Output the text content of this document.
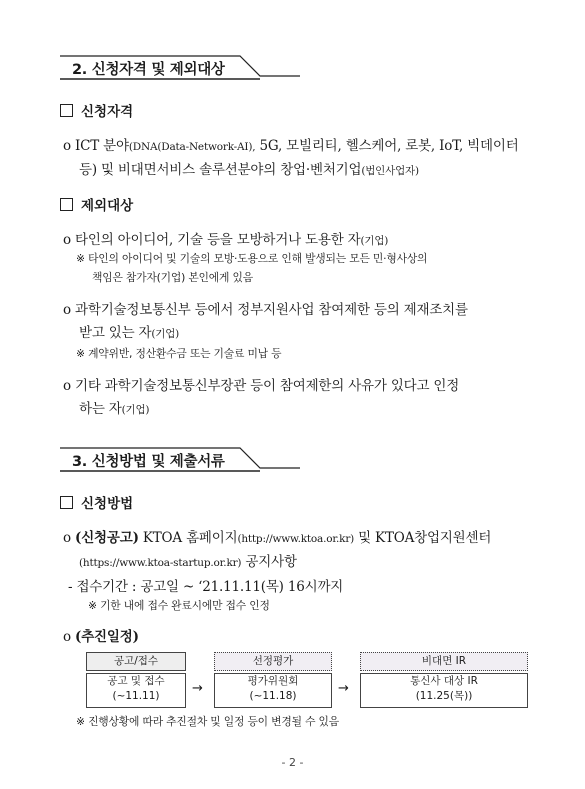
2. 신청자격 및 제외대상
신청자격
o ICT 분야(DNA(Data-Network-AI), 5G, 모빌리티, 헬스케어, 로봇, IoT, 빅데이터
등) 및 비대면서비스 솔루션분야의 창업·벤처기업(법인사업자)
제외대상
o 타인의 아이디어, 기술 등을 모방하거나 도용한 자(기업)
※ 타인의 아이디어 및 기술의 모방·도용으로 인해 발생되는 모든 민·형사상의
책임은 참가자(기업) 본인에게 있음
o 과학기술정보통신부 등에서 정부지원사업 참여제한 등의 제재조치를
받고 있는 자(기업)
※ 계약위반, 정산환수금 또는 기술료 미납 등
o 기타 과학기술정보통신부장관 등이 참여제한의 사유가 있다고 인정
하는 자(기업)
3. 신청방법 및 제출서류
신청방법
o (신청공고) KTOA 홈페이지(http://www.ktoa.or.kr) 및 KTOA창업지원센터
(https://www.ktoa-startup.or.kr) 공지사항
- 접수기간 : 공고일 ~ ‘21.11.11(목) 16시까지
※ 기한 내에 접수 완료시에만 접수 인정
o (추진일정)
공고/접수
공고 및 접수
(~11.11)	→
선정평가
평가위원회
(~11.18)	→
비대면 IR
통신사 대상 IR
(11.25(목))
※ 진행상황에 따라 추진절차 및 일정 등이 변경될 수 있음
- 2 -
